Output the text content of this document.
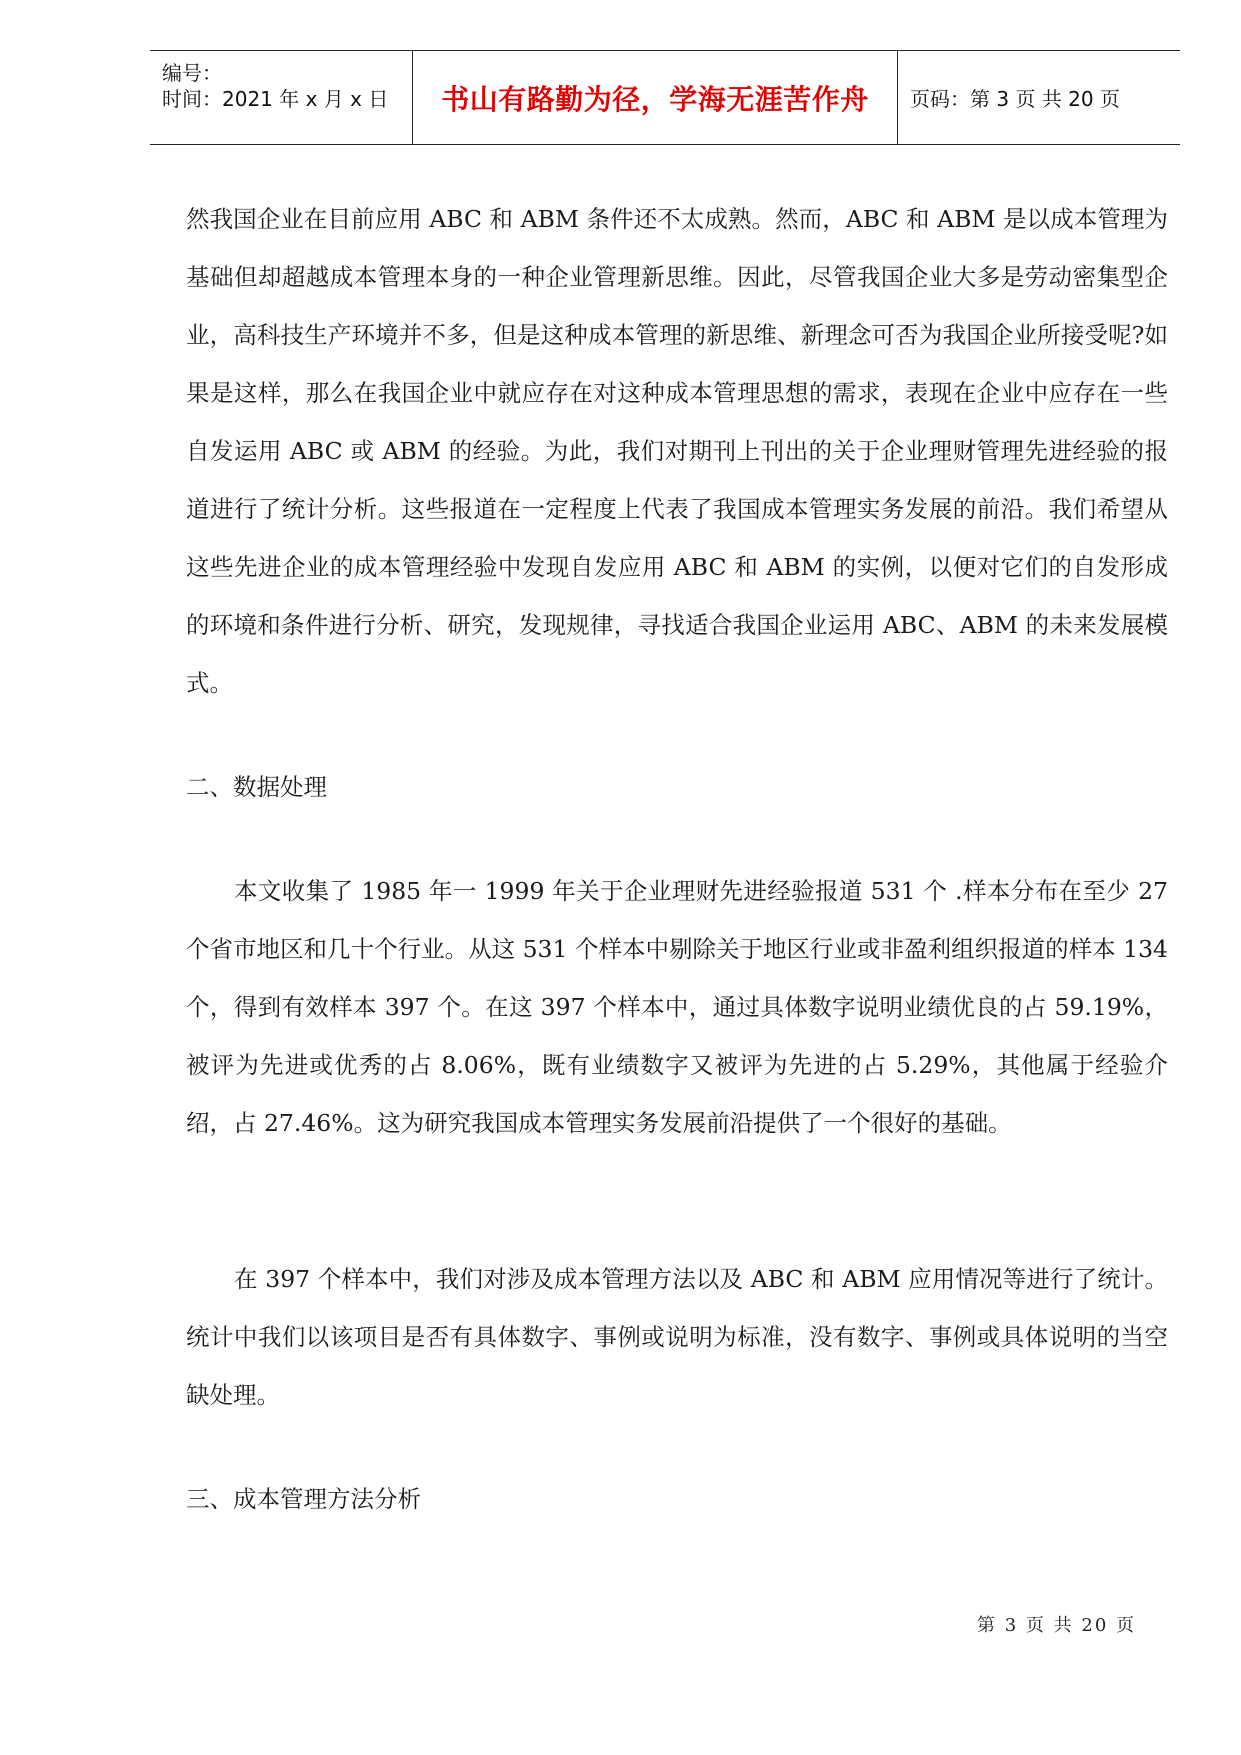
编号：
时间：2021 年 x 月 x 日 书山有路勤为径，学海无涯苦作舟 页码：第 3 页 共 20 页

然我国企业在目前应用 ABC 和 ABM 条件还不太成熟。然而，ABC 和 ABM 是以成本管理为基础但却超越成本管理本身的一种企业管理新思维。因此，尽管我国企业大多是劳动密集型企业，高科技生产环境并不多，但是这种成本管理的新思维、新理念可否为我国企业所接受呢?如果是这样，那么在我国企业中就应存在对这种成本管理思想的需求，表现在企业中应存在一些自发运用 ABC 或 ABM 的经验。为此，我们对期刊上刊出的关于企业理财管理先进经验的报道进行了统计分析。这些报道在一定程度上代表了我国成本管理实务发展的前沿。我们希望从这些先进企业的成本管理经验中发现自发应用 ABC 和 ABM 的实例，以便对它们的自发形成的环境和条件进行分析、研究，发现规律，寻找适合我国企业运用 ABC、ABM 的未来发展模式。

二、数据处理

本文收集了 1985 年一 1999 年关于企业理财先进经验报道 531 个 .样本分布在至少 27 个省市地区和几十个行业。从这 531 个样本中剔除关于地区行业或非盈利组织报道的样本 134 个，得到有效样本 397 个。在这 397 个样本中，通过具体数字说明业绩优良的占 59.19%，被评为先进或优秀的占 8.06%，既有业绩数字又被评为先进的占 5.29%，其他属于经验介绍，占 27.46%。这为研究我国成本管理实务发展前沿提供了一个很好的基础。

在 397 个样本中，我们对涉及成本管理方法以及 ABC 和 ABM 应用情况等进行了统计。统计中我们以该项目是否有具体数字、事例或说明为标准，没有数字、事例或具体说明的当空缺处理。

三、成本管理方法分析

第 3 页 共 20 页
